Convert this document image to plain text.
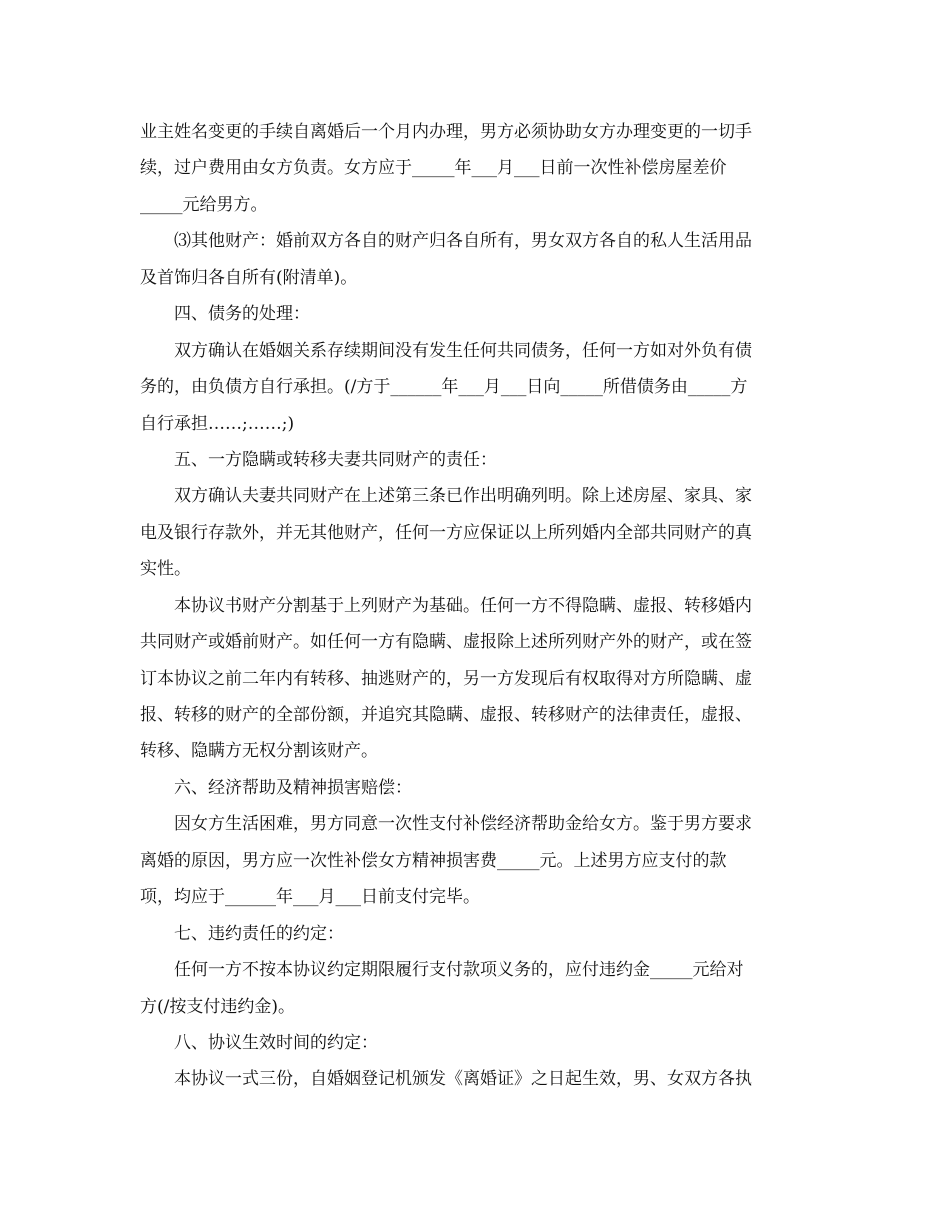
业主姓名变更的手续自离婚后一个月内办理，男方必须协助女方办理变更的一切手
续，过户费用由女方负责。女方应于_____年___月___日前一次性补偿房屋差价
_____元给男方。
⑶其他财产：婚前双方各自的财产归各自所有，男女双方各自的私人生活用品
及首饰归各自所有(附清单)。
四、债务的处理：
双方确认在婚姻关系存续期间没有发生任何共同债务，任何一方如对外负有债
务的，由负债方自行承担。(/方于______年___月___日向_____所借债务由_____方
自行承担……;……;)
五、一方隐瞒或转移夫妻共同财产的责任：
双方确认夫妻共同财产在上述第三条已作出明确列明。除上述房屋、家具、家
电及银行存款外，并无其他财产，任何一方应保证以上所列婚内全部共同财产的真
实性。
本协议书财产分割基于上列财产为基础。任何一方不得隐瞒、虚报、转移婚内
共同财产或婚前财产。如任何一方有隐瞒、虚报除上述所列财产外的财产，或在签
订本协议之前二年内有转移、抽逃财产的，另一方发现后有权取得对方所隐瞒、虚
报、转移的财产的全部份额，并追究其隐瞒、虚报、转移财产的法律责任，虚报、
转移、隐瞒方无权分割该财产。
六、经济帮助及精神损害赔偿：
因女方生活困难，男方同意一次性支付补偿经济帮助金给女方。鉴于男方要求
离婚的原因，男方应一次性补偿女方精神损害费_____元。上述男方应支付的款
项，均应于______年___月___日前支付完毕。
七、违约责任的约定：
任何一方不按本协议约定期限履行支付款项义务的，应付违约金_____元给对
方(/按支付违约金)。
八、协议生效时间的约定：
本协议一式三份，自婚姻登记机颁发《离婚证》之日起生效，男、女双方各执
